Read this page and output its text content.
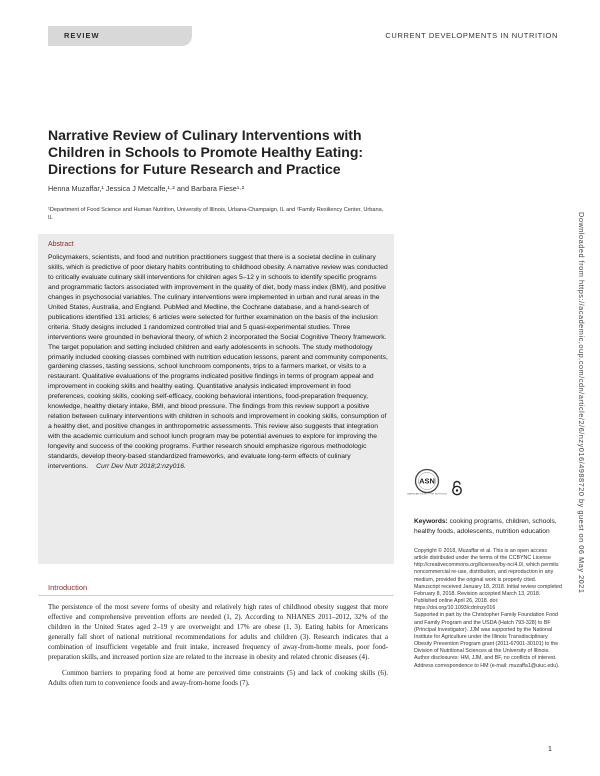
REVIEW	CURRENT DEVELOPMENTS IN NUTRITION
Narrative Review of Culinary Interventions with Children in Schools to Promote Healthy Eating: Directions for Future Research and Practice
Henna Muzaffar,¹ Jessica J Metcalfe,¹·² and Barbara Fiese¹·²
¹Department of Food Science and Human Nutrition, University of Illinois, Urbana-Champaign, IL and ²Family Resiliency Center, Urbana, IL
Abstract

Policymakers, scientists, and food and nutrition practitioners suggest that there is a societal decline in culinary skills, which is predictive of poor dietary habits contributing to childhood obesity. A narrative review was conducted to critically evaluate culinary skill interventions for children ages 5–12 y in schools to identify specific programs and programmatic factors associated with improvement in the quality of diet, body mass index (BMI), and positive changes in psychosocial variables. The culinary interventions were implemented in urban and rural areas in the United States, Australia, and England. PubMed and Medline, the Cochrane database, and a hand-search of publications identified 131 articles; 6 articles were selected for further examination on the basis of the inclusion criteria. Study designs included 1 randomized controlled trial and 5 quasi-experimental studies. Three interventions were grounded in behavioral theory, of which 2 incorporated the Social Cognitive Theory framework. The target population and setting included children and early adolescents in schools. The study methodology primarily included cooking classes combined with nutrition education lessons, parent and community components, gardening classes, tasting sessions, school lunchroom components, trips to a farmers market, or visits to a restaurant. Qualitative evaluations of the programs indicated positive findings in terms of program appeal and improvement in cooking skills and healthy eating. Quantitative analysis indicated improvement in food preferences, cooking skills, cooking self-efficacy, cooking behavioral intentions, food-preparation frequency, knowledge, healthy dietary intake, BMI, and blood pressure. The findings from this review support a positive relation between culinary interventions with children in schools and improvement in cooking skills, consumption of a healthy diet, and positive changes in anthropometric assessments. This review also suggests that integration with the academic curriculum and school lunch program may be potential avenues to explore for improving the longevity and success of the cooking programs. Further research should emphasize rigorous methodologic standards, develop theory-based standardized frameworks, and evaluate long-term effects of culinary interventions. Curr Dev Nutr 2018;2:nzy016.

ASN
AMERICAN SOCIETY FOR NUTRITION

Keywords: cooking programs, children, schools, healthy foods, adolescents, nutrition education

Copyright © 2018, Muzaffar et al. This is an open access article distributed under the terms of the CCBYNC License http://creativecommons.org/licenses/by-nc/4.0/, which permits noncommercial re-use, distribution, and reproduction in any medium, provided the original work is properly cited.

Manuscript received January 18, 2018. Initial review completed February 8, 2018. Revision accepted March 13, 2018. Published online April 26, 2018. doi: https://doi.org/10.1093/cdn/nzy016

Supported in part by the Christopher Family Foundation Food and Family Program and the USDA (Hatch 793-328) to BF (Principal Investigator). JJM was supported by the National Institute for Agriculture under the Illinois Transdisciplinary Obesity Prevention Program grant (2011-67001-30101) to the Division of Nutritional Sciences at the University of Illinois.

Author disclosures: HM, JJM, and BF, no conflicts of interest.

Address correspondence to HM (e-mail: muzaffa1@uiuc.edu).

Introduction

The persistence of the most severe forms of obesity and relatively high rates of childhood obesity suggest that more effective and comprehensive prevention efforts are needed (1, 2). According to NHANES 2011–2012, 32% of the children in the United States aged 2–19 y are overweight and 17% are obese (1, 3). Eating habits for Americans generally fall short of national nutritional recommendations for adults and children (3). Research indicates that a combination of insufficient vegetable and fruit intake, increased frequency of away-from-home meals, poor food-preparation skills, and increased portion size are related to the increase in obesity and related chronic diseases (4).

Common barriers to preparing food at home are perceived time constraints (5) and lack of cooking skills (6). Adults often turn to convenience foods and away-from-home foods (7).

1
Downloaded from https://academic.oup.com/cdn/article/2/6/nzy016/4988720 by guest on 06 May 2021
